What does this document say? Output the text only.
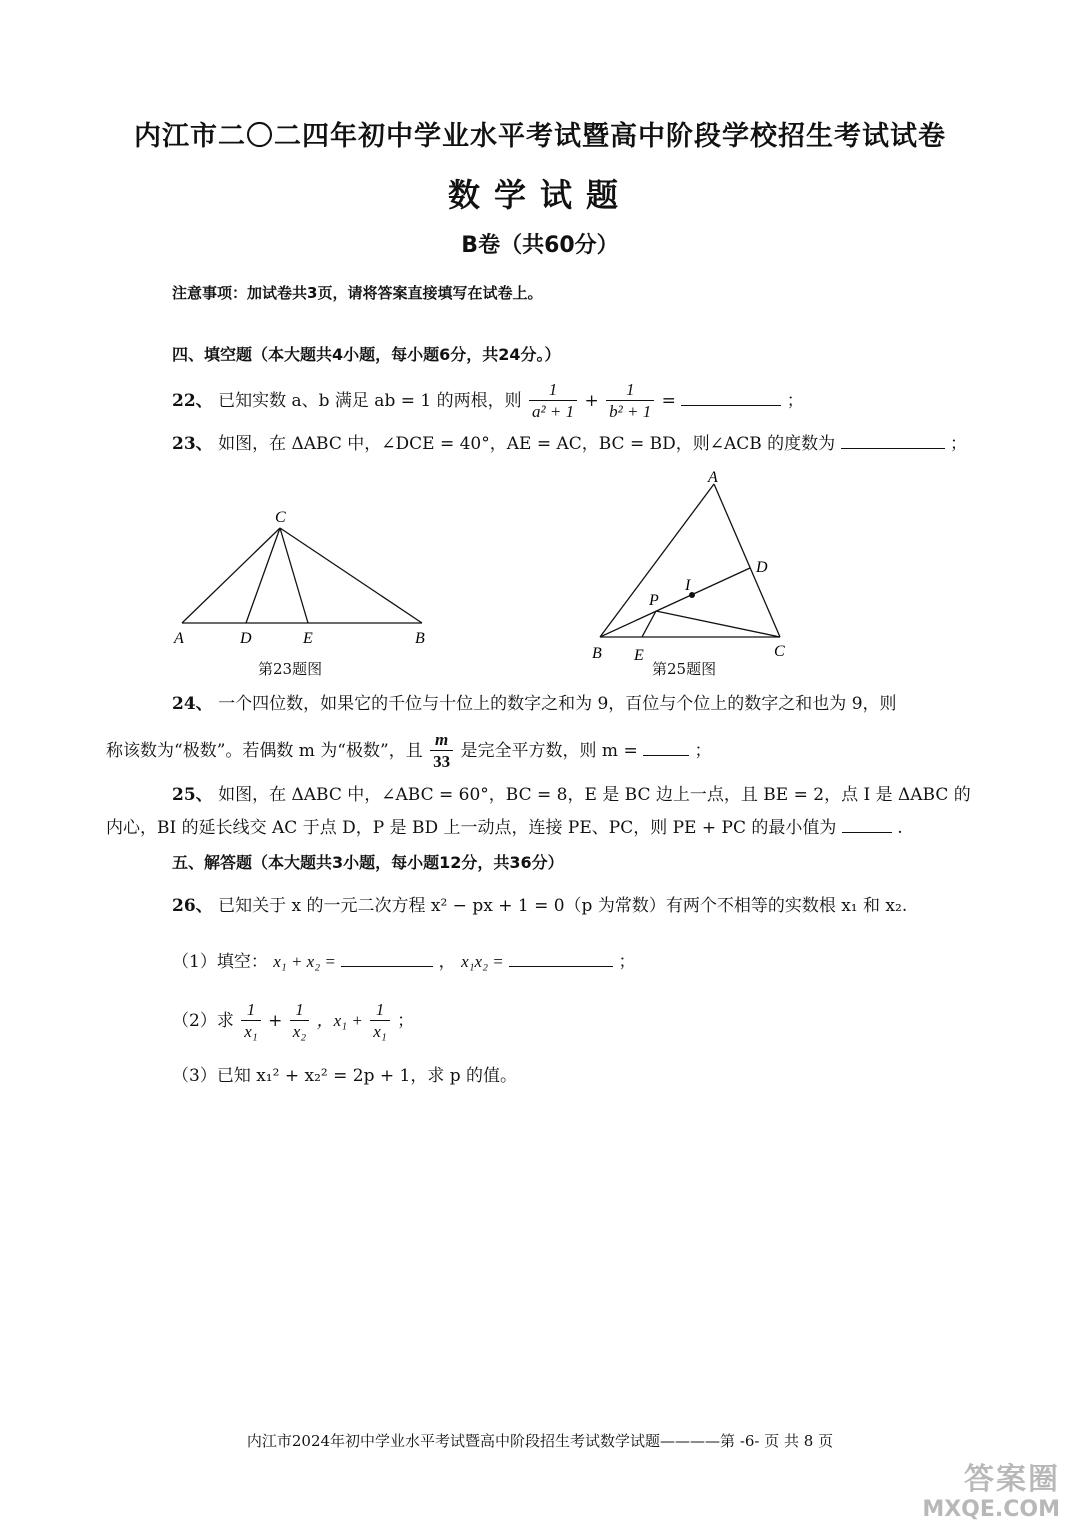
内江市二〇二四年初中学业水平考试暨高中阶段学校招生考试试卷
数学试题
B卷（共60分）
注意事项：加试卷共3页，请将答案直接填写在试卷上。
四、填空题（本大题共4小题，每小题6分，共24分。）
22、 已知实数 a、b 满足 ab = 1 的两根，则 $\frac{1}{\text{a² + 1}} + \frac{1}{\text{b² + 1}}$ =	；
23、 如图，在 ΔABC 中，∠DCE = 40°，AE = AC，BC = BD，则∠ACB 的度数为	；
C
A	D	E	B
第23题图
A
D
I
P
B E	C
第25题图
24、 一个四位数，如果它的千位与十位上的数字之和为 9，百位与个位上的数字之和也为 9，则
称该数为“极数”。若偶数 m 为“极数”，且 $\frac{m}{33}$ 是完全平方数，则 m =	；
25、 如图，在 ΔABC 中，∠ABC = 60°，BC = 8，E 是 BC 边上一点，且 BE = 2，点 I 是 ΔABC 的
内心，BI 的延长线交 AC 于点 D，P 是 BD 上一动点，连接 PE、PC，则 PE + PC 的最小值为	.
五、解答题（本大题共3小题，每小题12分，共36分）
26、 已知关于 x 的一元二次方程 x² − px + 1 = 0（p 为常数）有两个不相等的实数根 x₁ 和 x₂.
（1）填空： x₁ + x₂ =	， x₁x₂ =	；
（2）求 $\frac{1}{\text{x₁}} + \frac{1}{\text{x₂}}$ ，$x_1 + \frac{1}{\text{x₁}}$ ；
（3）已知 x₁² + x₂² = 2p + 1，求 p 的值。
内江市2024年初中学业水平考试暨高中阶段招生考试数学试题————第 -6- 页 共 8 页
答案圈
MXQE.COM
